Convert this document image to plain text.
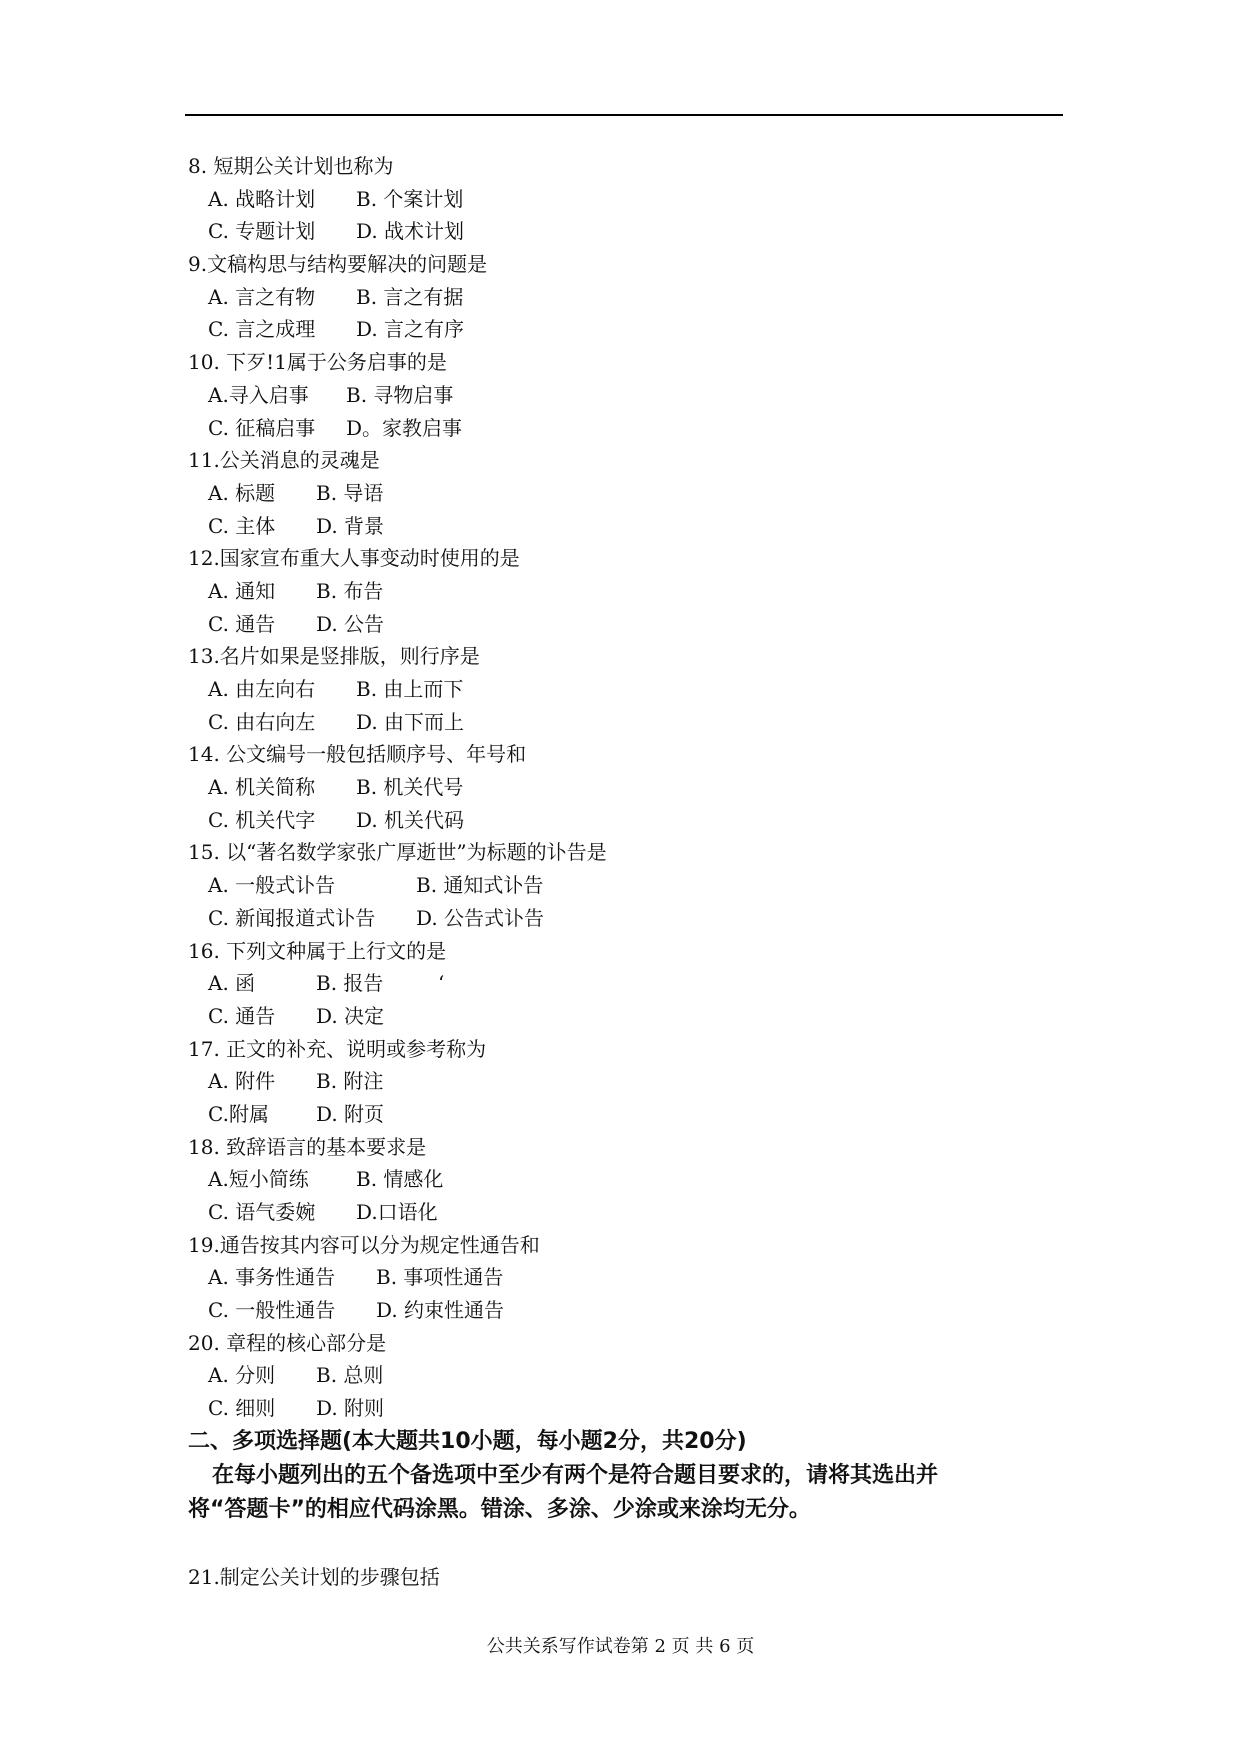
8. 短期公关计划也称为
A. 战略计划 B. 个案计划
C. 专题计划 D. 战术计划
9.文稿构思与结构要解决的问题是
A. 言之有物 B. 言之有据
C. 言之成理 D. 言之有序
10. 下歹!1属于公务启事的是
A.寻入启事 B. 寻物启事
C. 征稿启事 D。家教启事
11.公关消息的灵魂是
A. 标题 B. 导语
C. 主体 D. 背景
12.国家宣布重大人事变动时使用的是
A. 通知 B. 布告
C. 通告 D. 公告
13.名片如果是竖排版，则行序是
A. 由左向右 B. 由上而下
C. 由右向左 D. 由下而上
14. 公文编号一般包括顺序号、年号和
A. 机关简称 B. 机关代号
C. 机关代字 D. 机关代码
15. 以“著名数学家张广厚逝世”为标题的讣告是
A. 一般式讣告	B. 通知式讣告
C. 新闻报道式讣告 D. 公告式讣告
16. 下列文种属于上行文的是
A. 函	B. 报告	‘
C. 通告 D. 决定
17. 正文的补充、说明或参考称为
A. 附件 B. 附注
C.附属 D. 附页
18. 致辞语言的基本要求是
A.短小简练 B. 情感化
C. 语气委婉 D.口语化
19.通告按其内容可以分为规定性通告和
A. 事务性通告 B. 事项性通告
C. 一般性通告 D. 约束性通告
20. 章程的核心部分是
A. 分则 B. 总则
C. 细则 D. 附则
二、多项选择题(本大题共10小题，每小题2分，共20分)
在每小题列出的五个备选项中至少有两个是符合题目要求的，请将其选出并
将“答题卡”的相应代码涂黑。错涂、多涂、少涂或来涂均无分。
21.制定公关计划的步骤包括
公共关系写作试卷第 2 页 共 6 页
